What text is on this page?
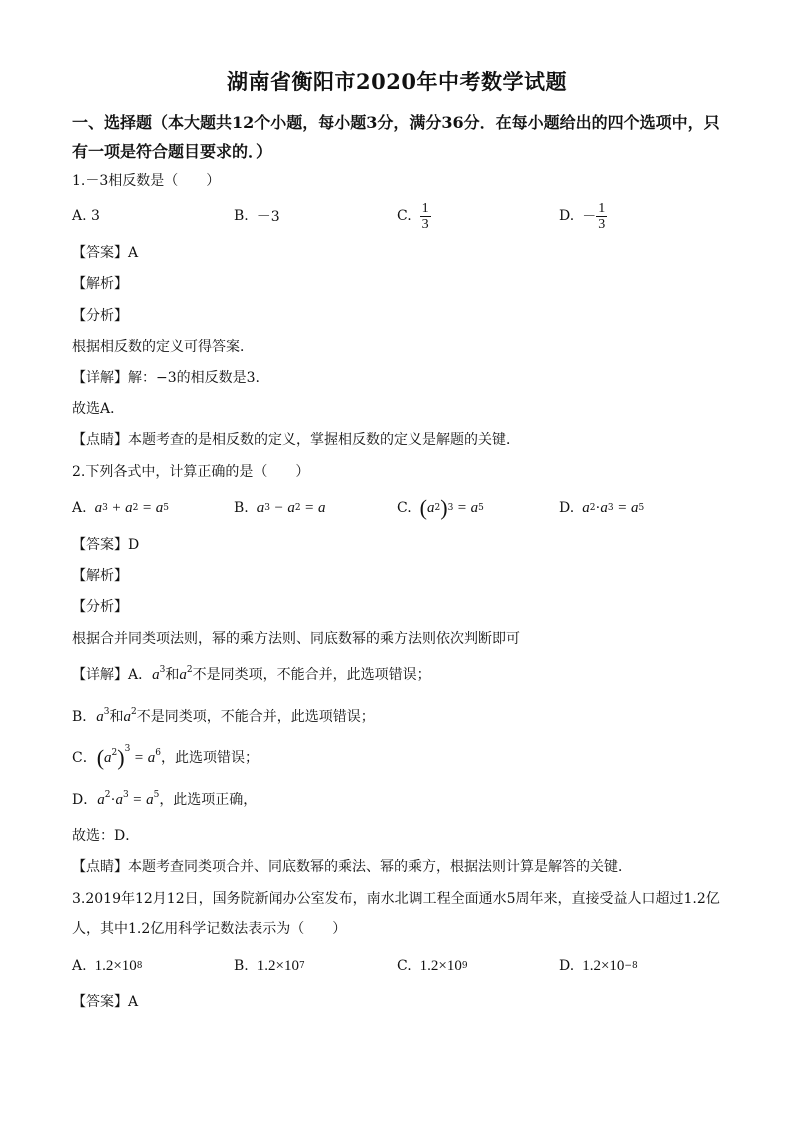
湖南省衡阳市2020年中考数学试题
一、选择题（本大题共12个小题，每小题3分，满分36分．在每小题给出的四个选项中，只有一项是符合题目要求的．）
1.－3相反数是（　　）
A. 3	B. －3	C. $\frac{1}{3}$	D. － $\frac{1}{3}$
【答案】A
【解析】
【分析】
根据相反数的定义可得答案．
【详解】解：−3的相反数是3.
故选A．
【点睛】本题考查的是相反数的定义，掌握相反数的定义是解题的关键．
2.下列各式中，计算正确的是（　　）
A. a 3
+
a 2
=
a 5	B. a 3
−
a 2
=
a	C. ( a 2 ) 3
=
a 5	D. a 2 · a 3
=
a 5
【答案】D
【解析】
【分析】
根据合并同类项法则，幂的乘方法则、同底数幂的乘方法则依次判断即可
【详解】A．$a^3$和$a^2$不是同类项，不能合并，此选项错误；
B．$a^3$和$a^2$不是同类项，不能合并，此选项错误；
C．$(a^2)^3 = a^6$，此选项错误；
D．$a^2\cdot a^3 = a^5$，此选项正确，
故选：D．
【点睛】本题考查同类项合并、同底数幂的乘法、幂的乘方，根据法则计算是解答的关键．
3.2019年12月12日，国务院新闻办公室发布，南水北调工程全面通水5周年来，直接受益人口超过1.2亿
人，其中1.2亿用科学记数法表示为（　　）
A. 1.2×10 8	B. 1.2×10 7	C. 1.2×10 9	D. 1.2×10 −8
【答案】A
